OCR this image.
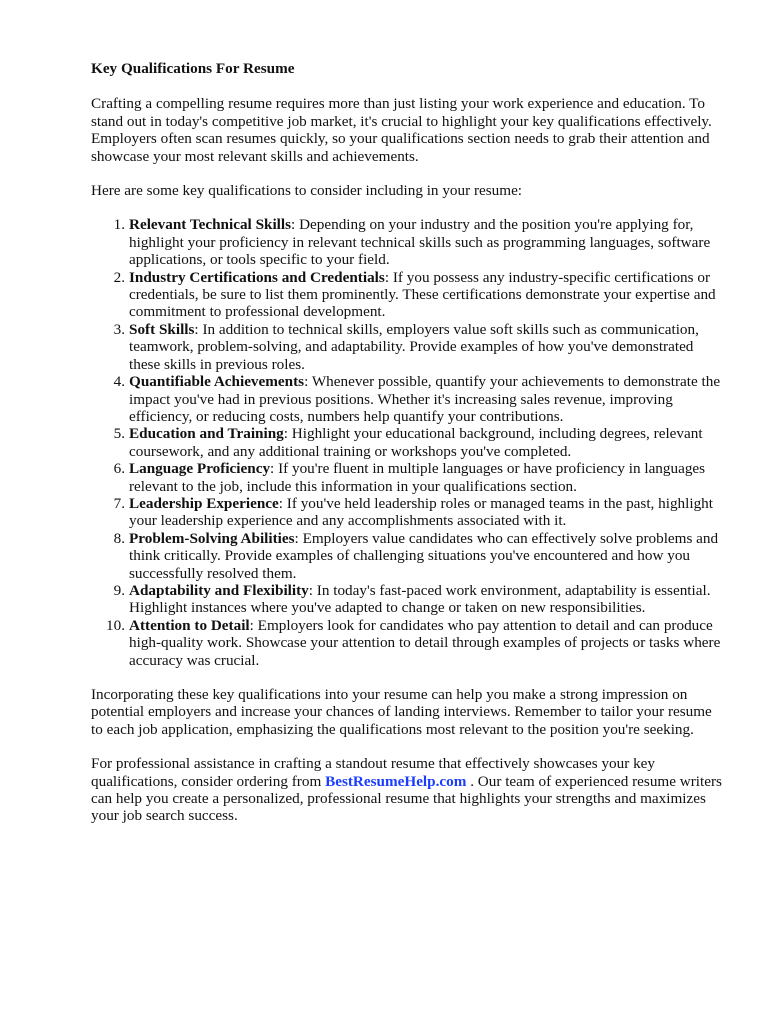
Key Qualifications For Resume

Crafting a compelling resume requires more than just listing your work experience and education. To stand out in today's competitive job market, it's crucial to highlight your key qualifications effectively. Employers often scan resumes quickly, so your qualifications section needs to grab their attention and showcase your most relevant skills and achievements.

Here are some key qualifications to consider including in your resume:

1. Relevant Technical Skills: Depending on your industry and the position you're applying for, highlight your proficiency in relevant technical skills such as programming languages, software applications, or tools specific to your field.
2. Industry Certifications and Credentials: If you possess any industry-specific certifications or credentials, be sure to list them prominently. These certifications demonstrate your expertise and commitment to professional development.
3. Soft Skills: In addition to technical skills, employers value soft skills such as communication, teamwork, problem-solving, and adaptability. Provide examples of how you've demonstrated these skills in previous roles.
4. Quantifiable Achievements: Whenever possible, quantify your achievements to demonstrate the impact you've had in previous positions. Whether it's increasing sales revenue, improving efficiency, or reducing costs, numbers help quantify your contributions.
5. Education and Training: Highlight your educational background, including degrees, relevant coursework, and any additional training or workshops you've completed.
6. Language Proficiency: If you're fluent in multiple languages or have proficiency in languages relevant to the job, include this information in your qualifications section.
7. Leadership Experience: If you've held leadership roles or managed teams in the past, highlight your leadership experience and any accomplishments associated with it.
8. Problem-Solving Abilities: Employers value candidates who can effectively solve problems and think critically. Provide examples of challenging situations you've encountered and how you successfully resolved them.
9. Adaptability and Flexibility: In today's fast-paced work environment, adaptability is essential. Highlight instances where you've adapted to change or taken on new responsibilities.
10. Attention to Detail: Employers look for candidates who pay attention to detail and can produce high-quality work. Showcase your attention to detail through examples of projects or tasks where accuracy was crucial.

Incorporating these key qualifications into your resume can help you make a strong impression on potential employers and increase your chances of landing interviews. Remember to tailor your resume to each job application, emphasizing the qualifications most relevant to the position you're seeking.

For professional assistance in crafting a standout resume that effectively showcases your key qualifications, consider ordering from BestResumeHelp.com . Our team of experienced resume writers can help you create a personalized, professional resume that highlights your strengths and maximizes your job search success.
